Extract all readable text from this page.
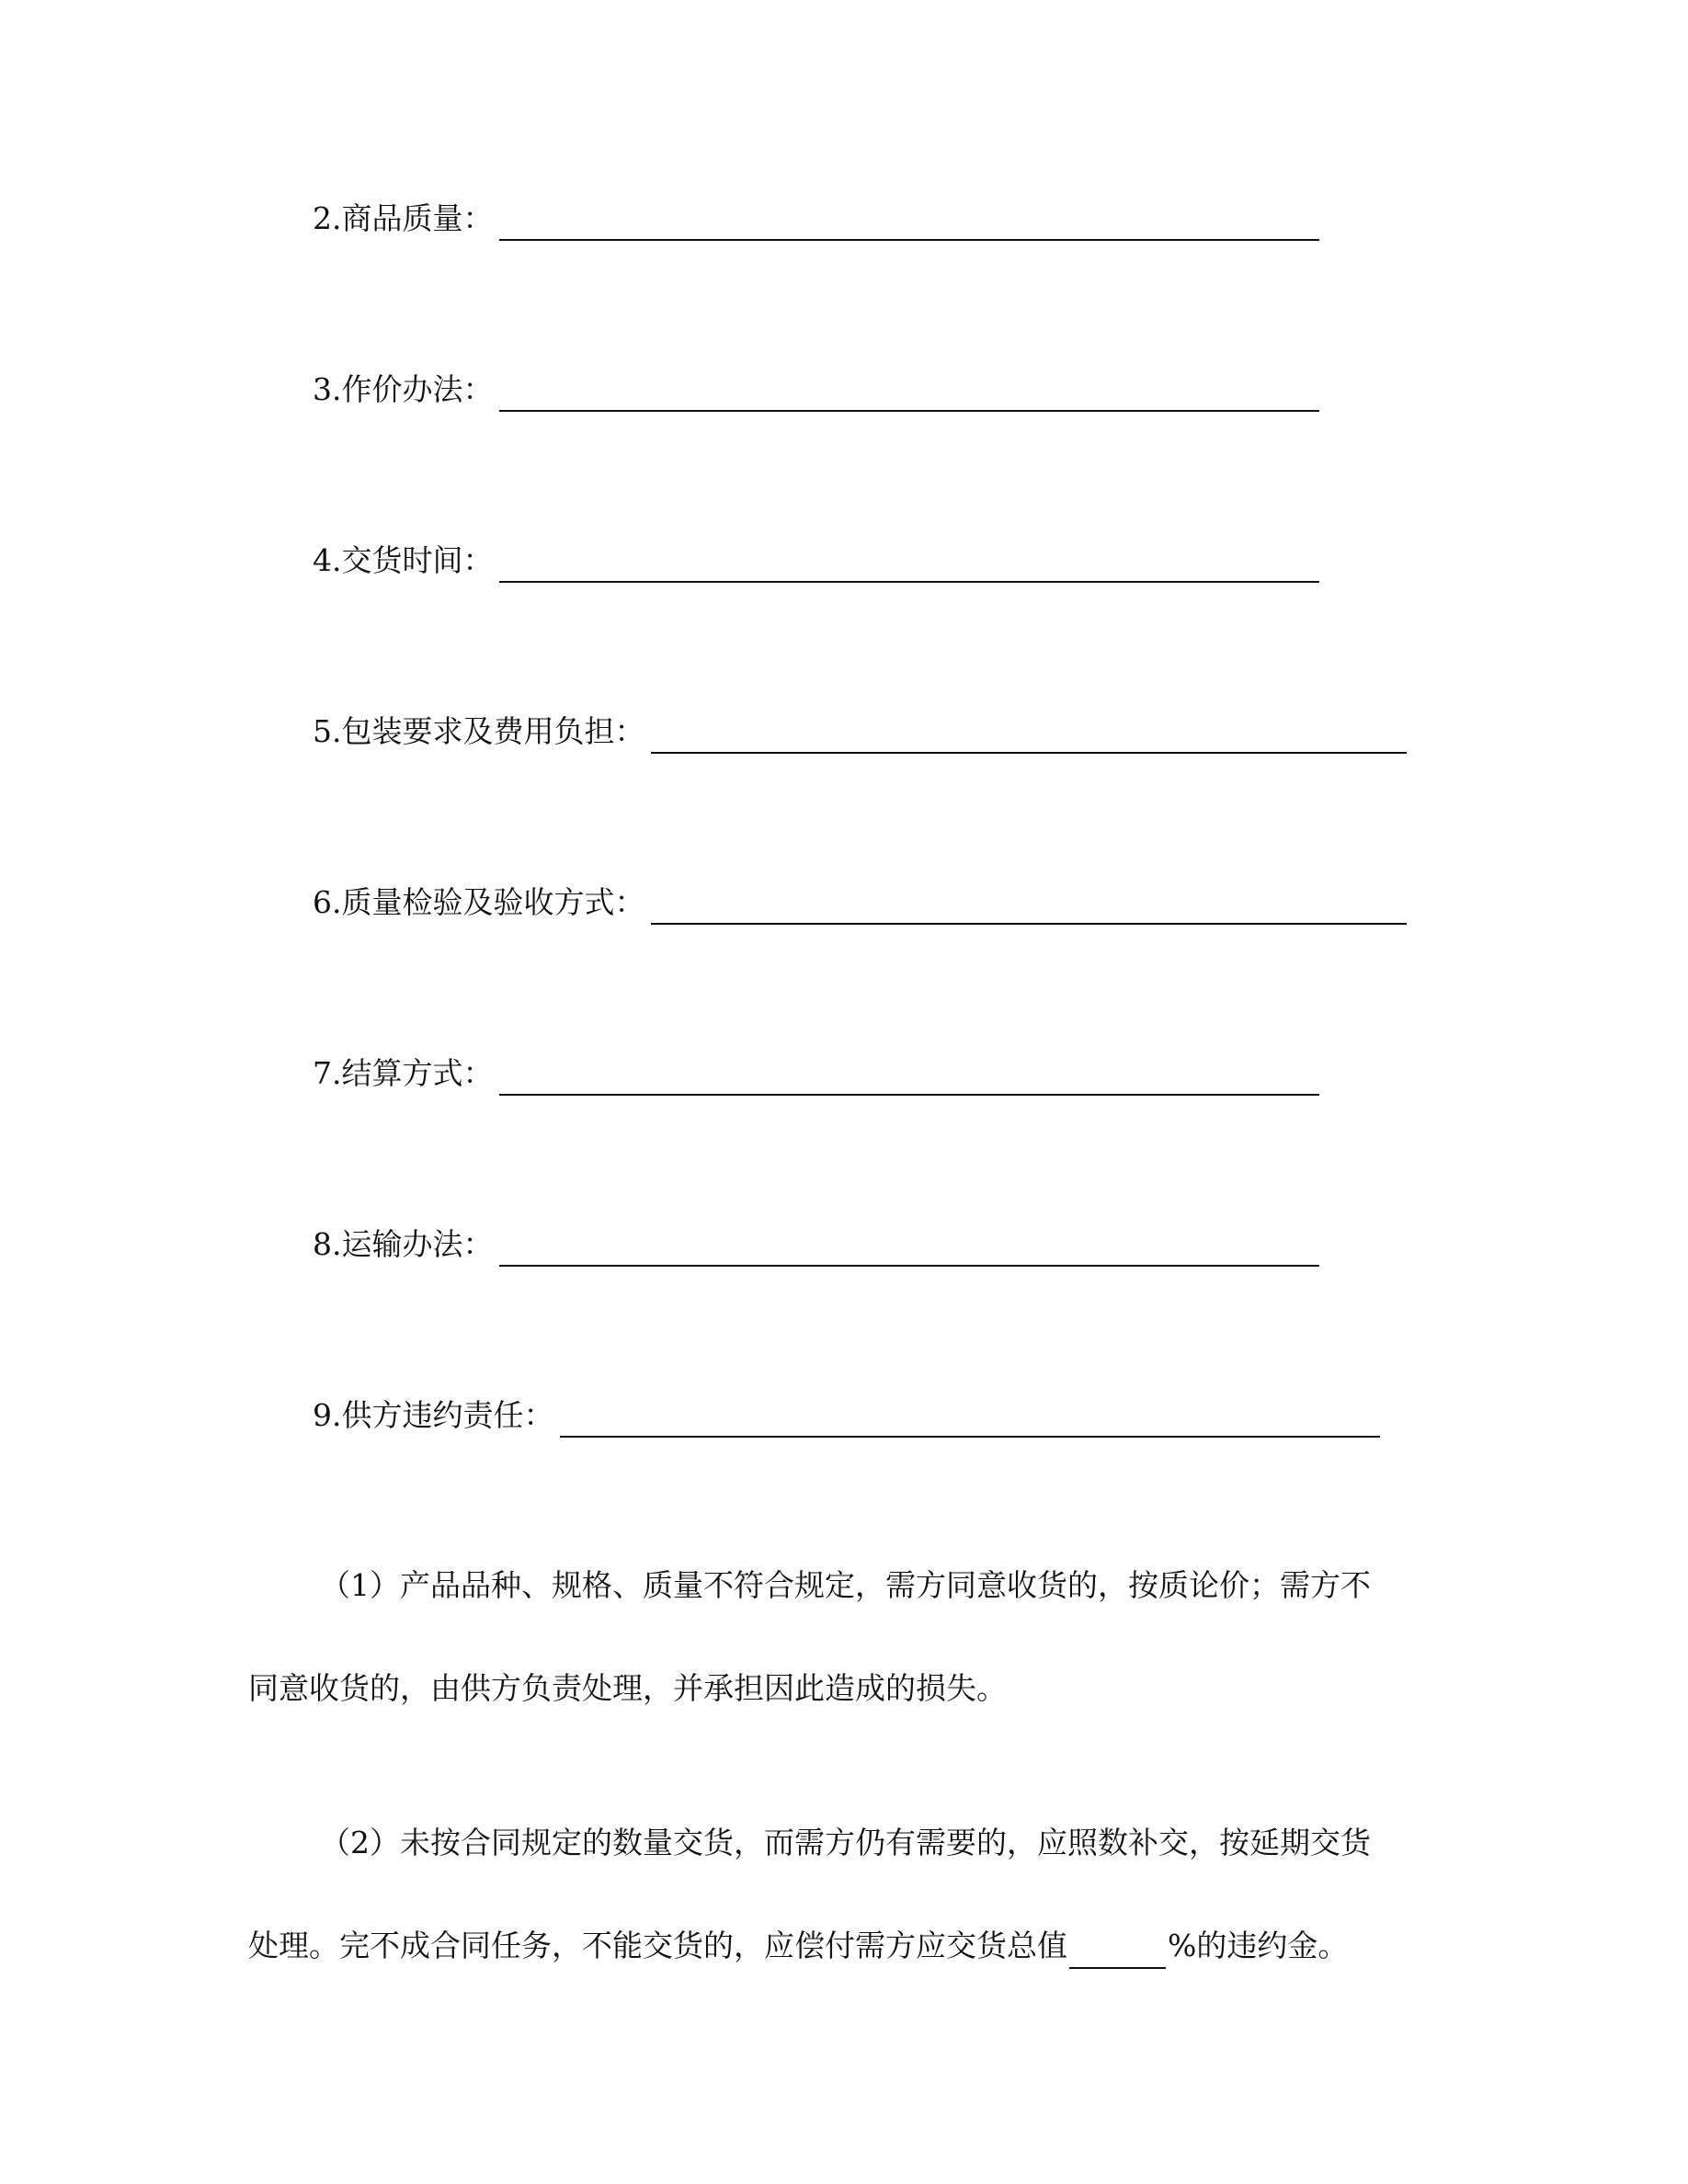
2.商品质量：
3.作价办法：
4.交货时间：
5.包装要求及费用负担：
6.质量检验及验收方式：
7.结算方式：
8.运输办法：
9.供方违约责任：
（1）产品品种、规格、质量不符合规定，需方同意收货的，按质论价；需方不
同意收货的，由供方负责处理，并承担因此造成的损失。
（2）未按合同规定的数量交货，而需方仍有需要的，应照数补交，按延期交货
处理。完不成合同任务，不能交货的，应偿付需方应交货总值	%的违约金。
